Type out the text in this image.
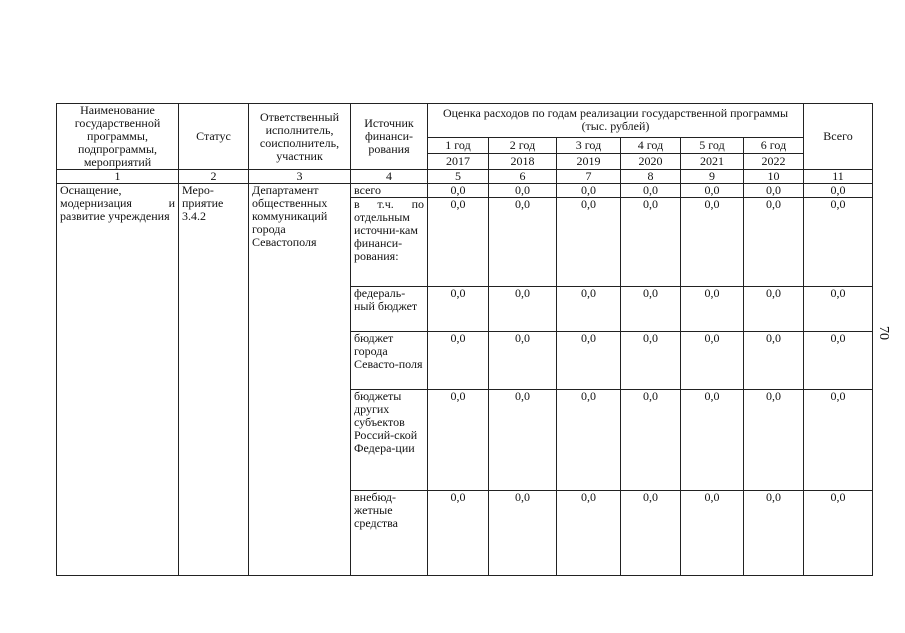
70
Наименование государственной программы, подпрограммы, мероприятий	Статус	Ответственный исполнитель, соисполнитель, участник	Источник финанси-рования	Оценка расходов по годам реализации государственной программы (тыс. рублей)						Всего
				1 год	2 год	3 год	4 год	5 год	6 год	
				2017	2018	2019	2020	2021	2022	
1	2	3	4	5	6	7	8	9	10	11
Оснащение, модернизация и развитие учреждения	Меро-приятие 3.4.2	Департамент общественных коммуникаций города Севастополя	всего	0,0	0,0	0,0	0,0	0,0	0,0	0,0
			в т.ч. по отдельным источни-кам финанси-рования:	0,0	0,0	0,0	0,0	0,0	0,0	0,0
			федераль-ный бюджет	0,0	0,0	0,0	0,0	0,0	0,0	0,0
			бюджет города Севасто-поля	0,0	0,0	0,0	0,0	0,0	0,0	0,0
			бюджеты других субъектов Россий-ской Федера-ции	0,0	0,0	0,0	0,0	0,0	0,0	0,0
			внебюд-жетные средства	0,0	0,0	0,0	0,0	0,0	0,0	0,0
